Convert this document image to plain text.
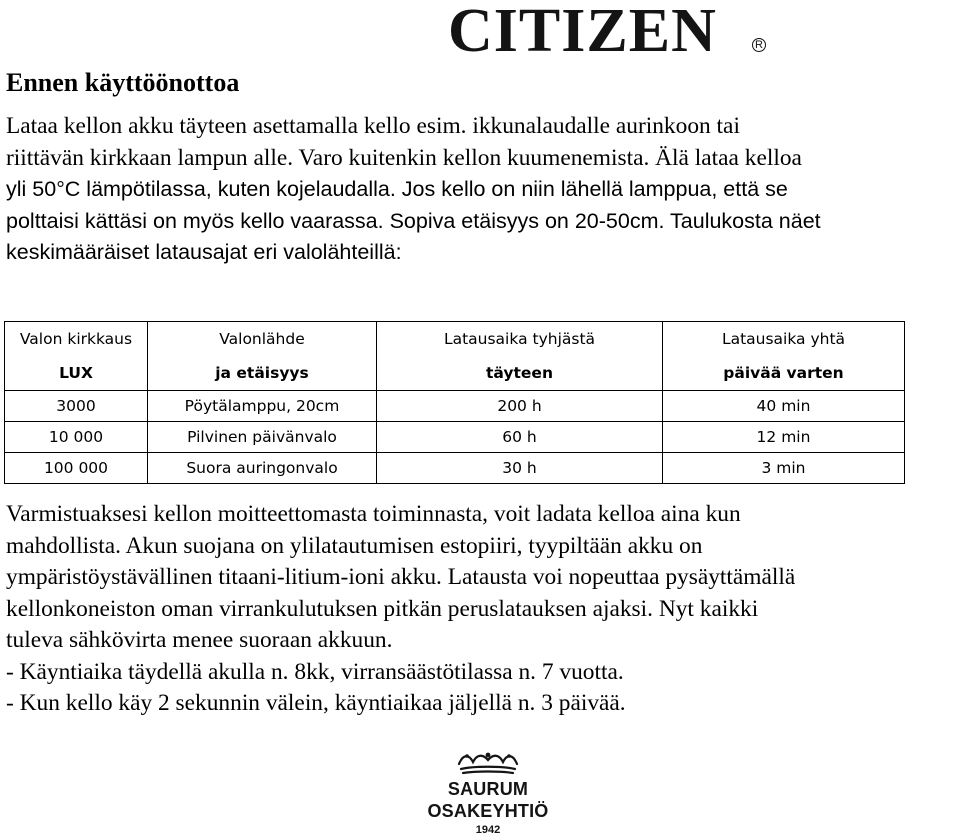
CITIZEN	R
Ennen käyttöönottoa

Lataa kellon akku täyteen asettamalla kello esim. ikkunalaudalle aurinkoon tai
riittävän kirkkaan lampun alle. Varo kuitenkin kellon kuumenemista. Älä lataa kelloa
yli 50°C lämpötilassa, kuten kojelaudalla. Jos kello on niin lähellä lamppua, että se
polttaisi kättäsi on myös kello vaarassa. Sopiva etäisyys on 20-50cm. Taulukosta näet
keskimääräiset latausajat eri valolähteillä:

Valon kirkkaus	Valonlähde	Latausaika tyhjästä	Latausaika yhtä
LUX	ja etäisyys	täyteen	päivää varten
3000	Pöytälamppu, 20cm	200 h	40 min
10 000	Pilvinen päivänvalo	60 h	12 min
100 000	Suora auringonvalo	30 h	3 min

Varmistuaksesi kellon moitteettomasta toiminnasta, voit ladata kelloa aina kun
mahdollista. Akun suojana on ylilatautumisen estopiiri, tyypiltään akku on
ympäristöystävällinen titaani-litium-ioni akku. Latausta voi nopeuttaa pysäyttämällä
kellonkoneiston oman virrankulutuksen pitkän peruslatauksen ajaksi. Nyt kaikki
tuleva sähkövirta menee suoraan akkuun.
- Käyntiaika täydellä akulla n. 8kk, virransäästötilassa n. 7 vuotta.
- Kun kello käy 2 sekunnin välein, käyntiaikaa jäljellä n. 3 päivää.

SAURUM OSAKEYHTIÖ
1942
